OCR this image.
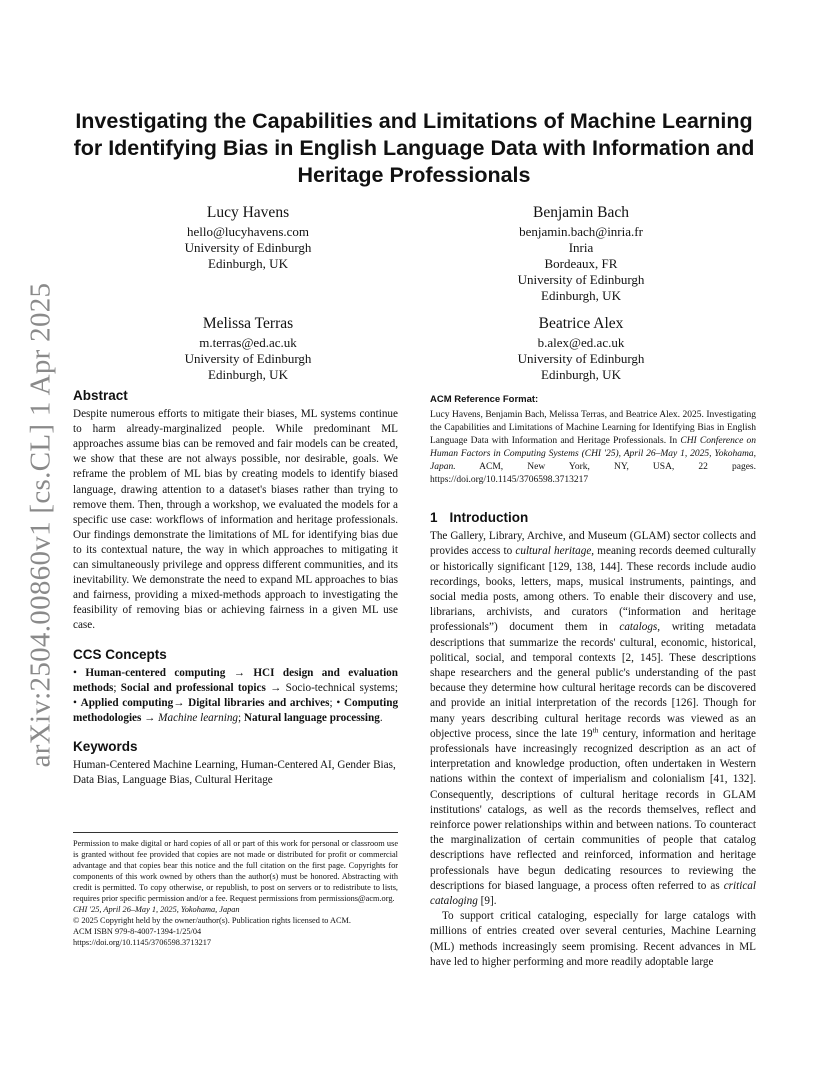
arXiv:2504.00860v1 [cs.CL] 1 Apr 2025
Investigating the Capabilities and Limitations of Machine Learning for Identifying Bias in English Language Data with Information and Heritage Professionals
Lucy Havens
hello@lucyhavens.com
University of Edinburgh
Edinburgh, UK
Benjamin Bach
benjamin.bach@inria.fr
Inria
Bordeaux, FR
University of Edinburgh
Edinburgh, UK
Melissa Terras
m.terras@ed.ac.uk
University of Edinburgh
Edinburgh, UK
Beatrice Alex
b.alex@ed.ac.uk
University of Edinburgh
Edinburgh, UK
Abstract

Despite numerous efforts to mitigate their biases, ML systems continue to harm already-marginalized people. While predominant ML approaches assume bias can be removed and fair models can be created, we show that these are not always possible, nor desirable, goals. We reframe the problem of ML bias by creating models to identify biased language, drawing attention to a dataset's biases rather than trying to remove them. Then, through a workshop, we evaluated the models for a specific use case: workflows of information and heritage professionals. Our findings demonstrate the limitations of ML for identifying bias due to its contextual nature, the way in which approaches to mitigating it can simultaneously privilege and oppress different communities, and its inevitability. We demonstrate the need to expand ML approaches to bias and fairness, providing a mixed-methods approach to investigating the feasibility of removing bias or achieving fairness in a given ML use case.

CCS Concepts

• Human-centered computing → HCI design and evaluation methods; Social and professional topics → Socio-technical systems; • Applied computing→ Digital libraries and archives; • Computing methodologies → Machine learning; Natural language processing.

Keywords

Human-Centered Machine Learning, Human-Centered AI, Gender Bias, Data Bias, Language Bias, Cultural Heritage

Permission to make digital or hard copies of all or part of this work for personal or classroom use is granted without fee provided that copies are not made or distributed for profit or commercial advantage and that copies bear this notice and the full citation on the first page. Copyrights for components of this work owned by others than the author(s) must be honored. Abstracting with credit is permitted. To copy otherwise, or republish, to post on servers or to redistribute to lists, requires prior specific permission and/or a fee. Request permissions from permissions@acm.org.

CHI '25, April 26–May 1, 2025, Yokohama, Japan

© 2025 Copyright held by the owner/author(s). Publication rights licensed to ACM.

ACM ISBN 979-8-4007-1394-1/25/04

https://doi.org/10.1145/3706598.3713217

ACM Reference Format:

Lucy Havens, Benjamin Bach, Melissa Terras, and Beatrice Alex. 2025. Investigating the Capabilities and Limitations of Machine Learning for Identifying Bias in English Language Data with Information and Heritage Professionals. In CHI Conference on Human Factors in Computing Systems (CHI '25), April 26–May 1, 2025, Yokohama, Japan. ACM, New York, NY, USA, 22 pages. https://doi.org/10.1145/3706598.3713217

1 Introduction

The Gallery, Library, Archive, and Museum (GLAM) sector collects and provides access to cultural heritage, meaning records deemed culturally or historically significant [129, 138, 144]. These records include audio recordings, books, letters, maps, musical instruments, paintings, and social media posts, among others. To enable their discovery and use, librarians, archivists, and curators (“information and heritage professionals”) document them in catalogs, writing metadata descriptions that summarize the records' cultural, economic, historical, political, social, and temporal contexts [2, 145]. These descriptions shape researchers and the general public's understanding of the past because they determine how cultural heritage records can be discovered and provide an initial interpretation of the records [126]. Though for many years describing cultural heritage records was viewed as an objective process, since the late 19th century, information and heritage professionals have increasingly recognized description as an act of interpretation and knowledge production, often undertaken in Western nations within the context of imperialism and colonialism [41, 132]. Consequently, descriptions of cultural heritage records in GLAM institutions' catalogs, as well as the records themselves, reflect and reinforce power relationships within and between nations. To counteract the marginalization of certain communities of people that catalog descriptions have reflected and reinforced, information and heritage professionals have begun dedicating resources to reviewing the descriptions for biased language, a process often referred to as critical cataloging [9].

To support critical cataloging, especially for large catalogs with millions of entries created over several centuries, Machine Learning (ML) methods increasingly seem promising. Recent advances in ML have led to higher performing and more readily adoptable large
